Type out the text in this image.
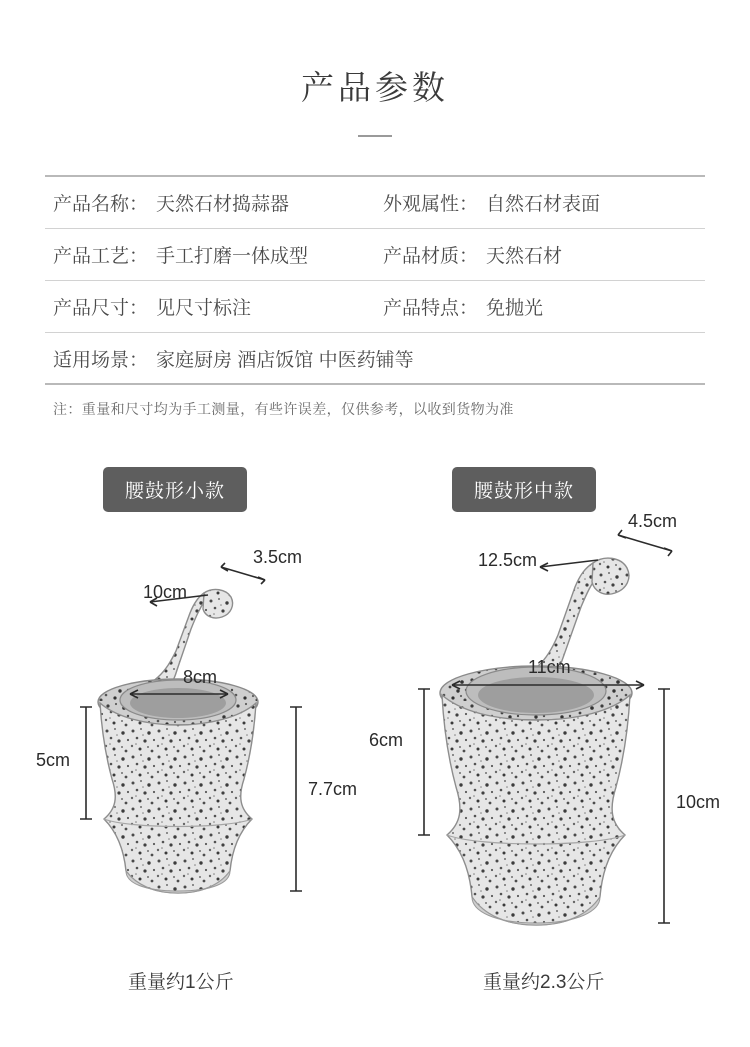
产品参数
产品名称： 天然石材捣蒜器	外观属性： 自然石材表面
产品工艺： 手工打磨一体成型	产品材质： 天然石材
产品尺寸： 见尺寸标注	产品特点： 免抛光
适用场景： 家庭厨房 酒店饭馆 中医药铺等
注：重量和尺寸均为手工测量，有些许误差，仅供参考，以收到货物为准
腰鼓形小款	腰鼓形中款
3.5cm
10cm
8cm
5cm
7.7cm
4.5cm
12.5cm
11cm
6cm
10cm
重量约1公斤	重量约2.3公斤
